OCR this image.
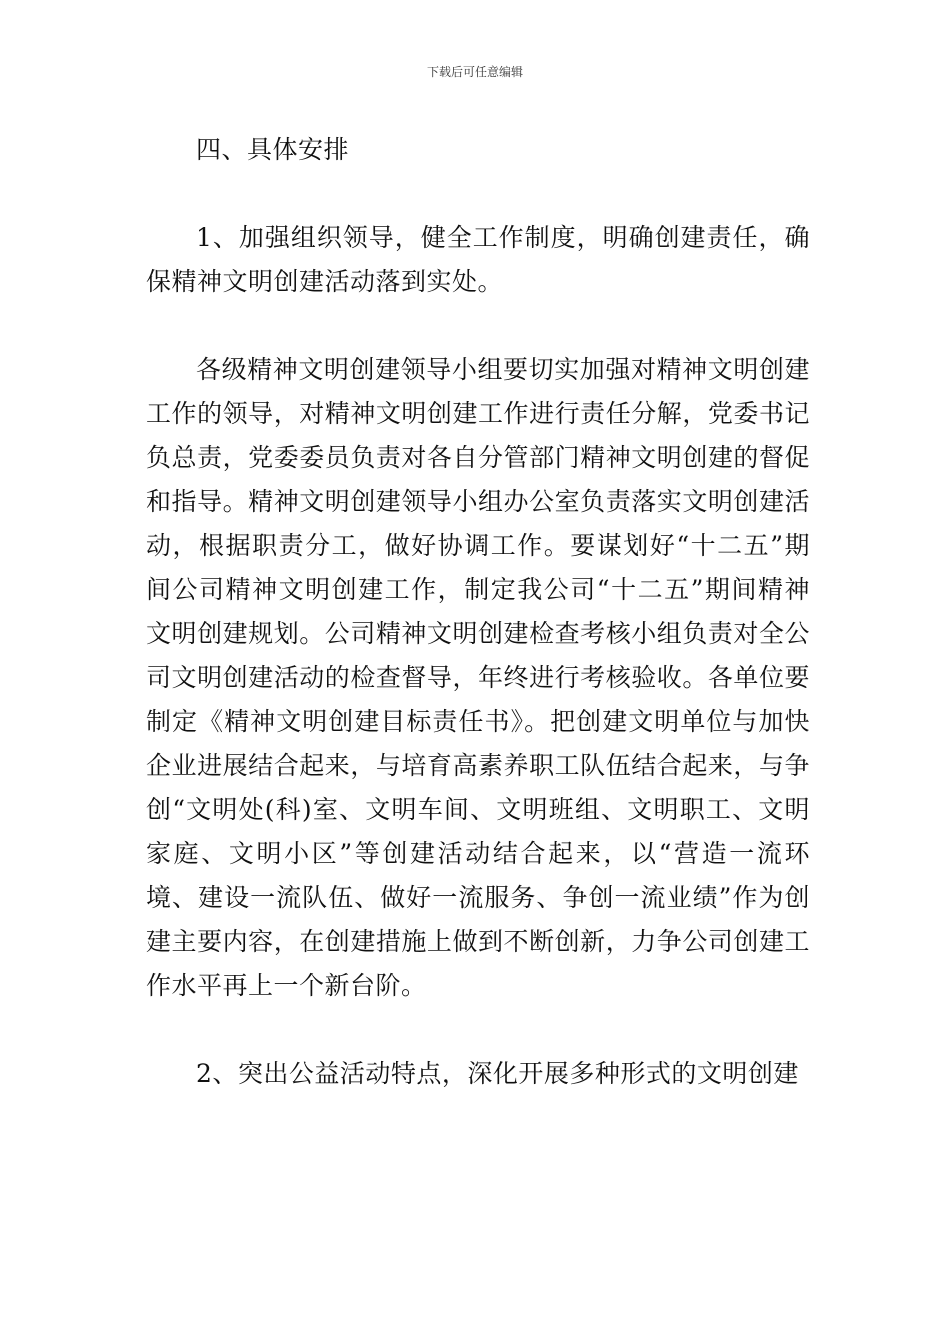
下载后可任意编辑

四、具体安排

1、加强组织领导，健全工作制度，明确创建责任，确保精神文明创建活动落到实处。

各级精神文明创建领导小组要切实加强对精神文明创建工作的领导，对精神文明创建工作进行责任分解，党委书记负总责，党委委员负责对各自分管部门精神文明创建的督促和指导。精神文明创建领导小组办公室负责落实文明创建活动，根据职责分工，做好协调工作。要谋划好“十二五”期间公司精神文明创建工作，制定我公司“十二五”期间精神文明创建规划。公司精神文明创建检查考核小组负责对全公司文明创建活动的检查督导，年终进行考核验收。各单位要制定《精神文明创建目标责任书》。把创建文明单位与加快企业进展结合起来，与培育高素养职工队伍结合起来，与争创“文明处(科)室、文明车间、文明班组、文明职工、文明家庭、文明小区”等创建活动结合起来，以“营造一流环境、建设一流队伍、做好一流服务、争创一流业绩”作为创建主要内容，在创建措施上做到不断创新，力争公司创建工作水平再上一个新台阶。

2、突出公益活动特点，深化开展多种形式的文明创建
